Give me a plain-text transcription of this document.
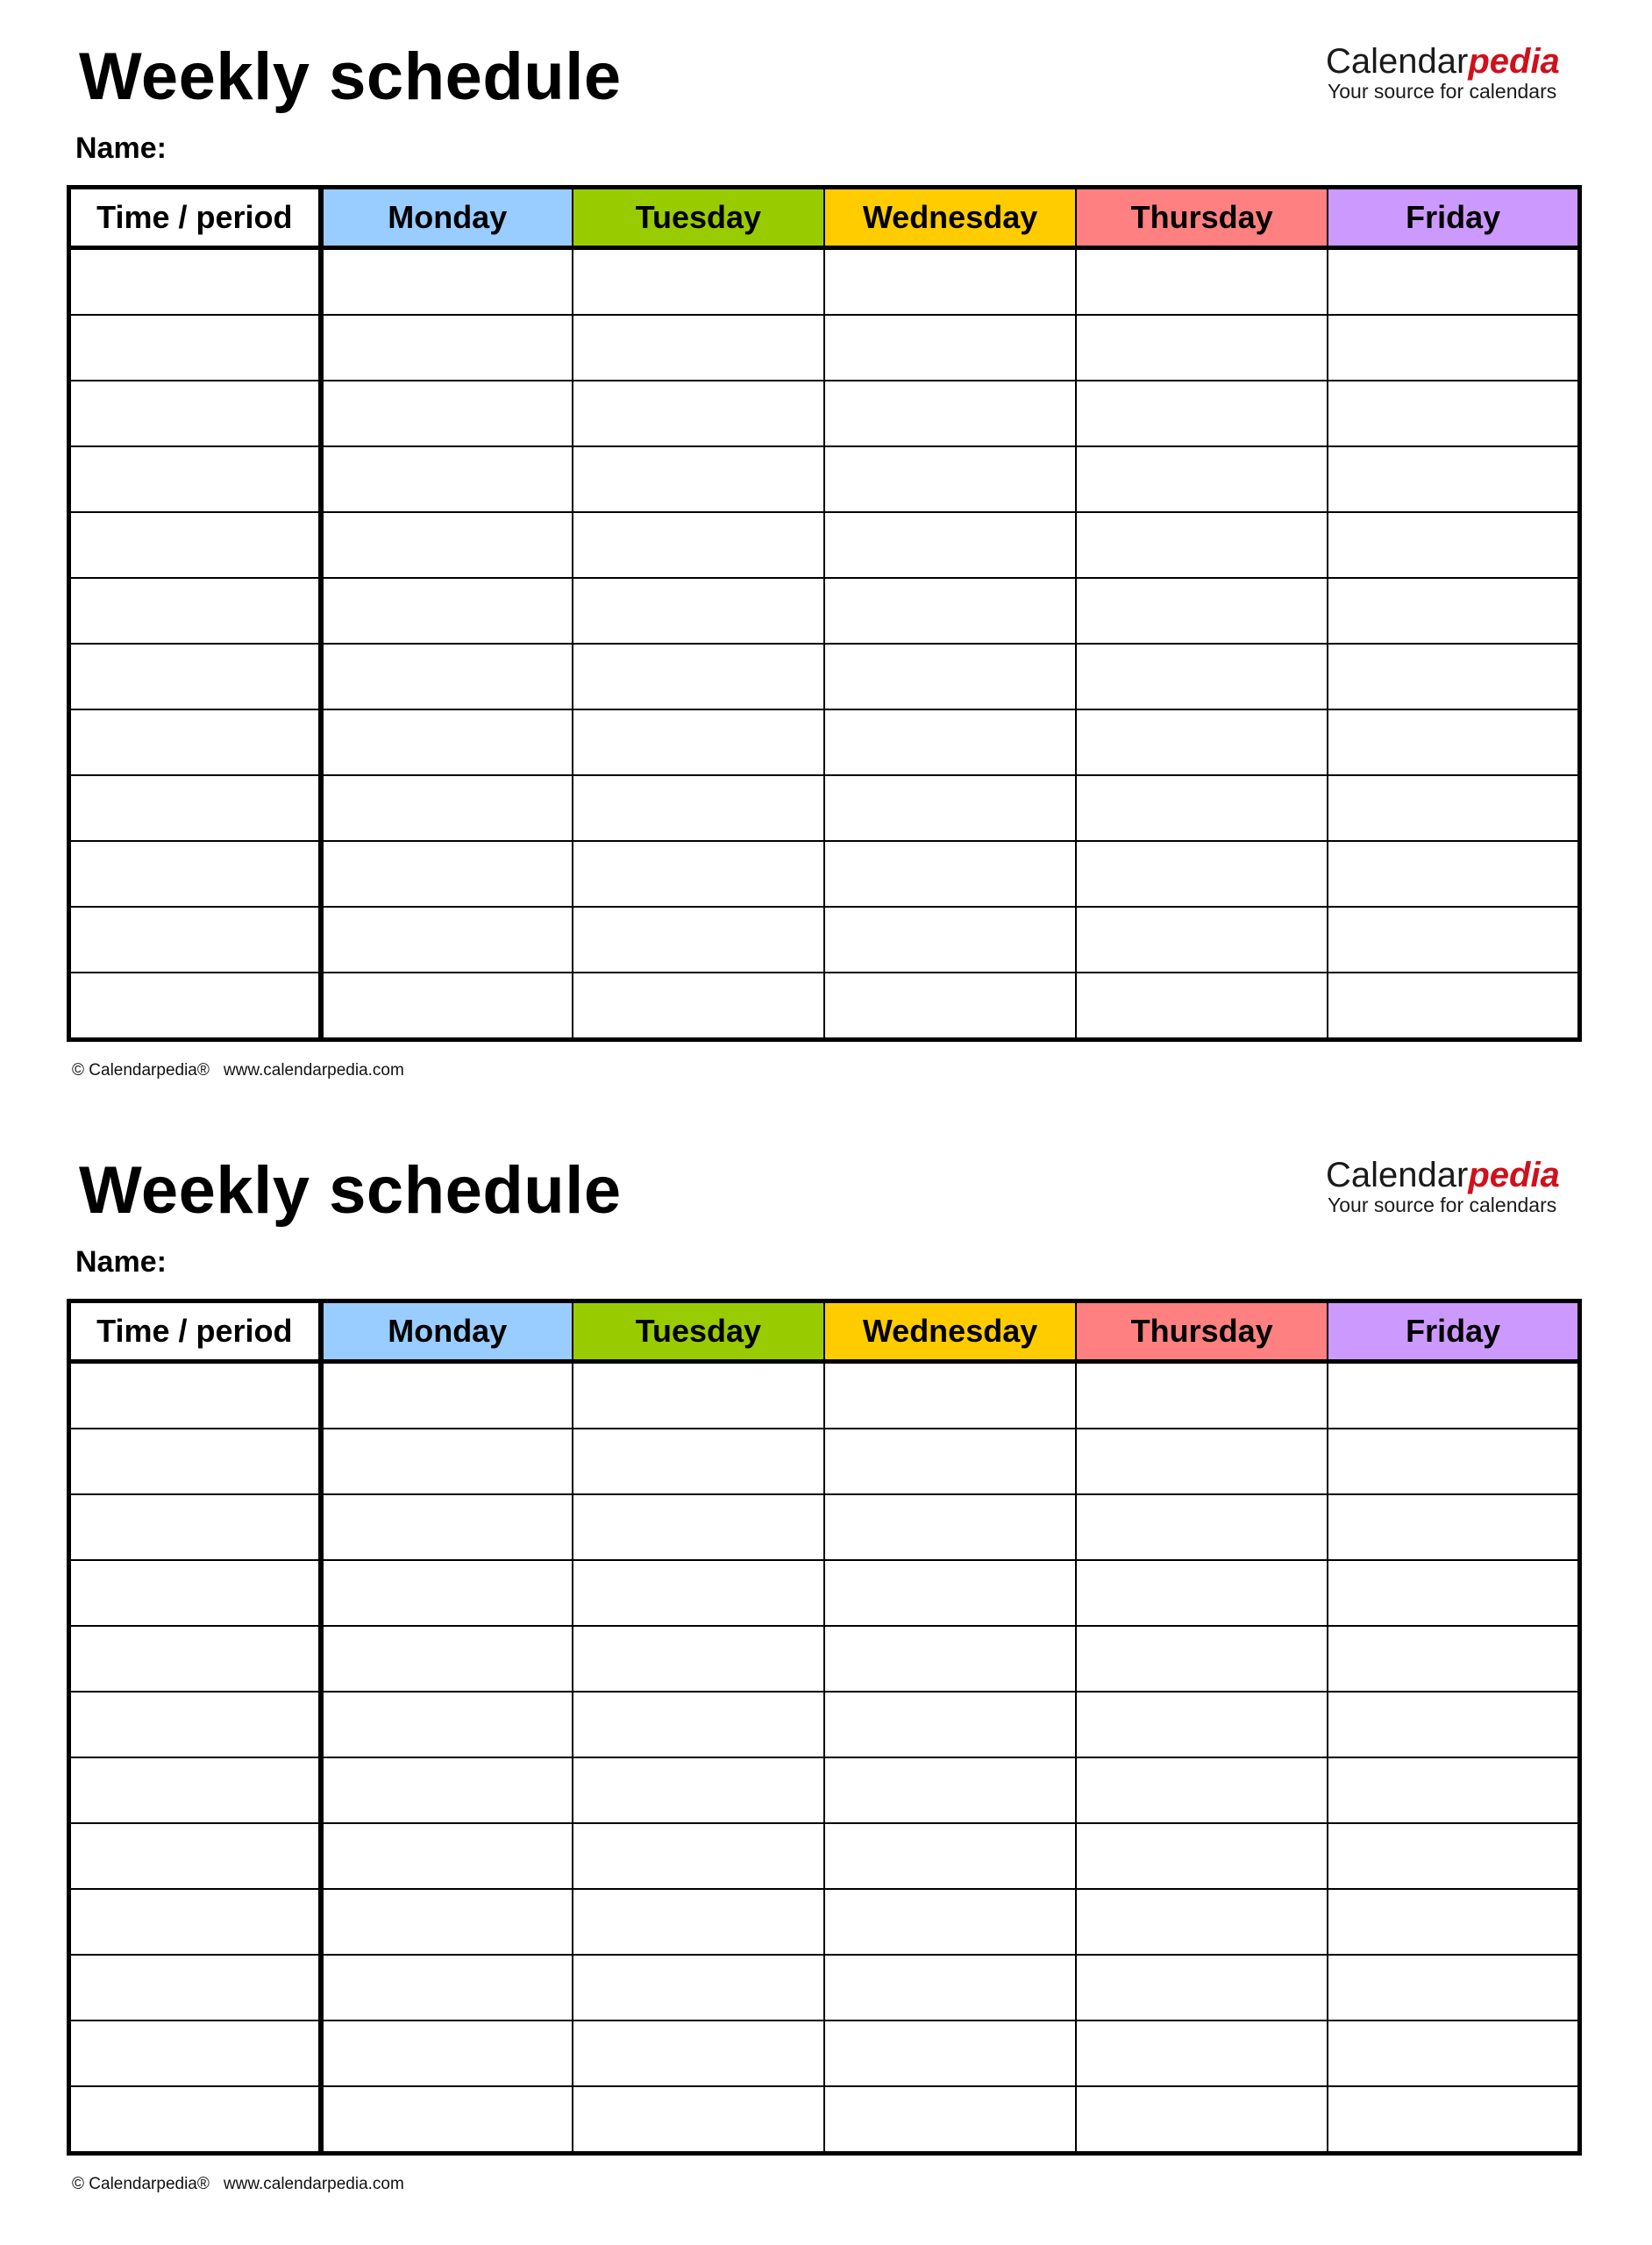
Weekly schedule
Name:
Calendarpedia
Your source for calendars
Time / period	Monday	Tuesday	Wednesday	Thursday	Friday

© Calendarpedia® www.calendarpedia.com
Weekly schedule
Name:
Calendarpedia
Your source for calendars
Time / period	Monday	Tuesday	Wednesday	Thursday	Friday

© Calendarpedia® www.calendarpedia.com
